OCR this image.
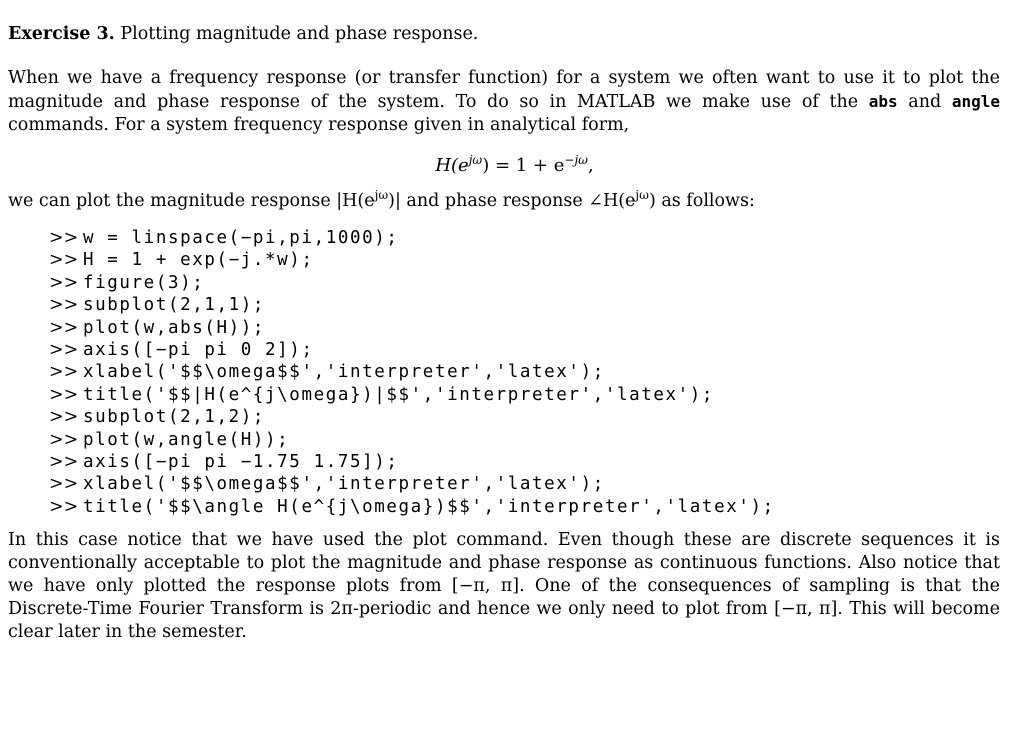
Exercise 3. Plotting magnitude and phase response.

When we have a frequency response (or transfer function) for a system we often want to use it to plot the magnitude and phase response of the system. To do so in MATLAB we make use of the abs and angle commands. For a system frequency response given in analytical form,

$H(e^{j\omega}) = 1 + e^{-j\omega}$,

we can plot the magnitude response $|H(e^{j\omega})|$ and phase response $\angle H(e^{j\omega})$ as follows:

>> w = linspace(−pi,pi,1000);
>> H = 1 + exp(−j.*w);
>> figure(3);
>> subplot(2,1,1);
>> plot(w,abs(H));
>> axis([−pi pi 0 2]);
>> xlabel('$$\omega$$','interpreter','latex');
>> title('$$|H(e^{j\omega})|$$','interpreter','latex');
>> subplot(2,1,2);
>> plot(w,angle(H));
>> axis([−pi pi −1.75 1.75]);
>> xlabel('$$\omega$$','interpreter','latex');
>> title('$$\angle H(e^{j\omega})$$','interpreter','latex');

In this case notice that we have used the plot command. Even though these are discrete sequences it is conventionally acceptable to plot the magnitude and phase response as continuous functions. Also notice that we have only plotted the response plots from [−π, π]. One of the consequences of sampling is that the Discrete-Time Fourier Transform is 2π-periodic and hence we only need to plot from [−π, π]. This will become clear later in the semester.
